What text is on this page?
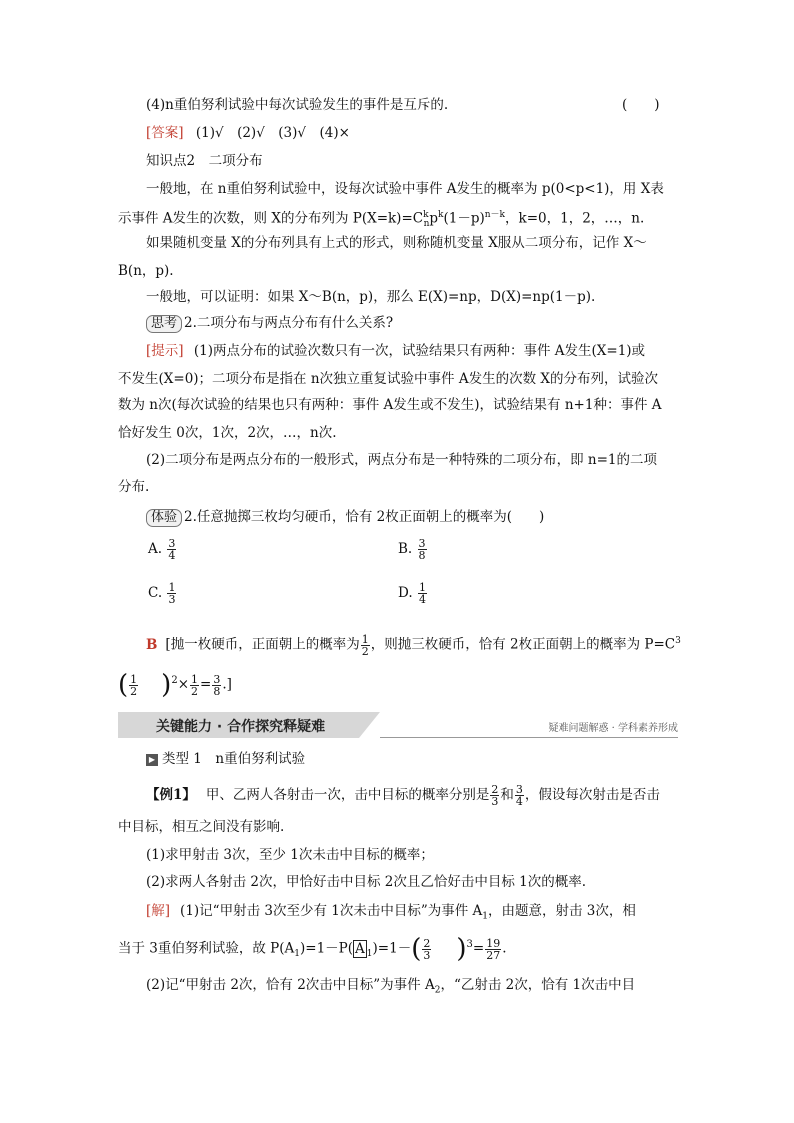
(4)n重伯努利试验中每次试验发生的事件是互斥的.	(　　)
[答案] (1)√　(2)√　(3)√　(4)×
知识点2　二项分布
一般地，在 n重伯努利试验中，设每次试验中事件 A发生的概率为 p(0<p<1)，用 X表
示事件 A发生的次数，则 X的分布列为 $P(X=k)=C^k_np^k(1-p)^{n-k}$，k=0，1，2，…，n.
如果随机变量 X的分布列具有上式的形式，则称随机变量 X服从二项分布，记作 X～
B(n，p).
一般地，可以证明：如果 X～B(n，p)，那么 E(X)=np，D(X)=np(1－p).
思考 2.二项分布与两点分布有什么关系?
[提示] (1)两点分布的试验次数只有一次，试验结果只有两种：事件 A发生(X=1)或
不发生(X=0)；二项分布是指在 n次独立重复试验中事件 A发生的次数 X的分布列，试验次
数为 n次(每次试验的结果也只有两种：事件 A发生或不发生)，试验结果有 n+1种：事件 A
恰好发生 0次，1次，2次，…，n次.
(2)二项分布是两点分布的一般形式，两点分布是一种特殊的二项分布，即 n=1的二项
分布.
体验 2.任意抛掷三枚均匀硬币，恰有 2枚正面朝上的概率为(　　)
A. $\frac{3}{4}$	B. $\frac{3}{8}$
C. $\frac{1}{3}$	D. $\frac{1}{4}$
B [抛一枚硬币，正面朝上的概率为 $\frac{1}{2}$ ，则抛三枚硬币，恰有 2枚正面朝上的概率为 $P=C^3$
( $\frac{1}{2} )^2\times \frac{1}{2} = \frac{3}{8}$ .]
关键能力 · 合作探究释疑难	疑难问题解惑 · 学科素养形成
▶ 类型 1　n重伯努利试验
【例1】 甲、乙两人各射击一次，击中目标的概率分别是 $\frac{2}{3}$ 和 $\frac{3}{4}$ ，假设每次射击是否击
中目标，相互之间没有影响.
(1)求甲射击 3次，至少 1次未击中目标的概率；
(2)求两人各射击 2次，甲恰好击中目标 2次且乙恰好击中目标 1次的概率.
[解] (1)记“甲射击 3次至少有 1次未击中目标”为事件 $A_1$，由题意，射击 3次，相
当于 3重伯努利试验，故 $P(A_1)=1-P$( A $_1)=1-( \frac{2}{3} )^3= \frac{19}{27}$ .
(2)记“甲射击 2次，恰有 2次击中目标”为事件 $A_2$，“乙射击 2次，恰有 1次击中目
